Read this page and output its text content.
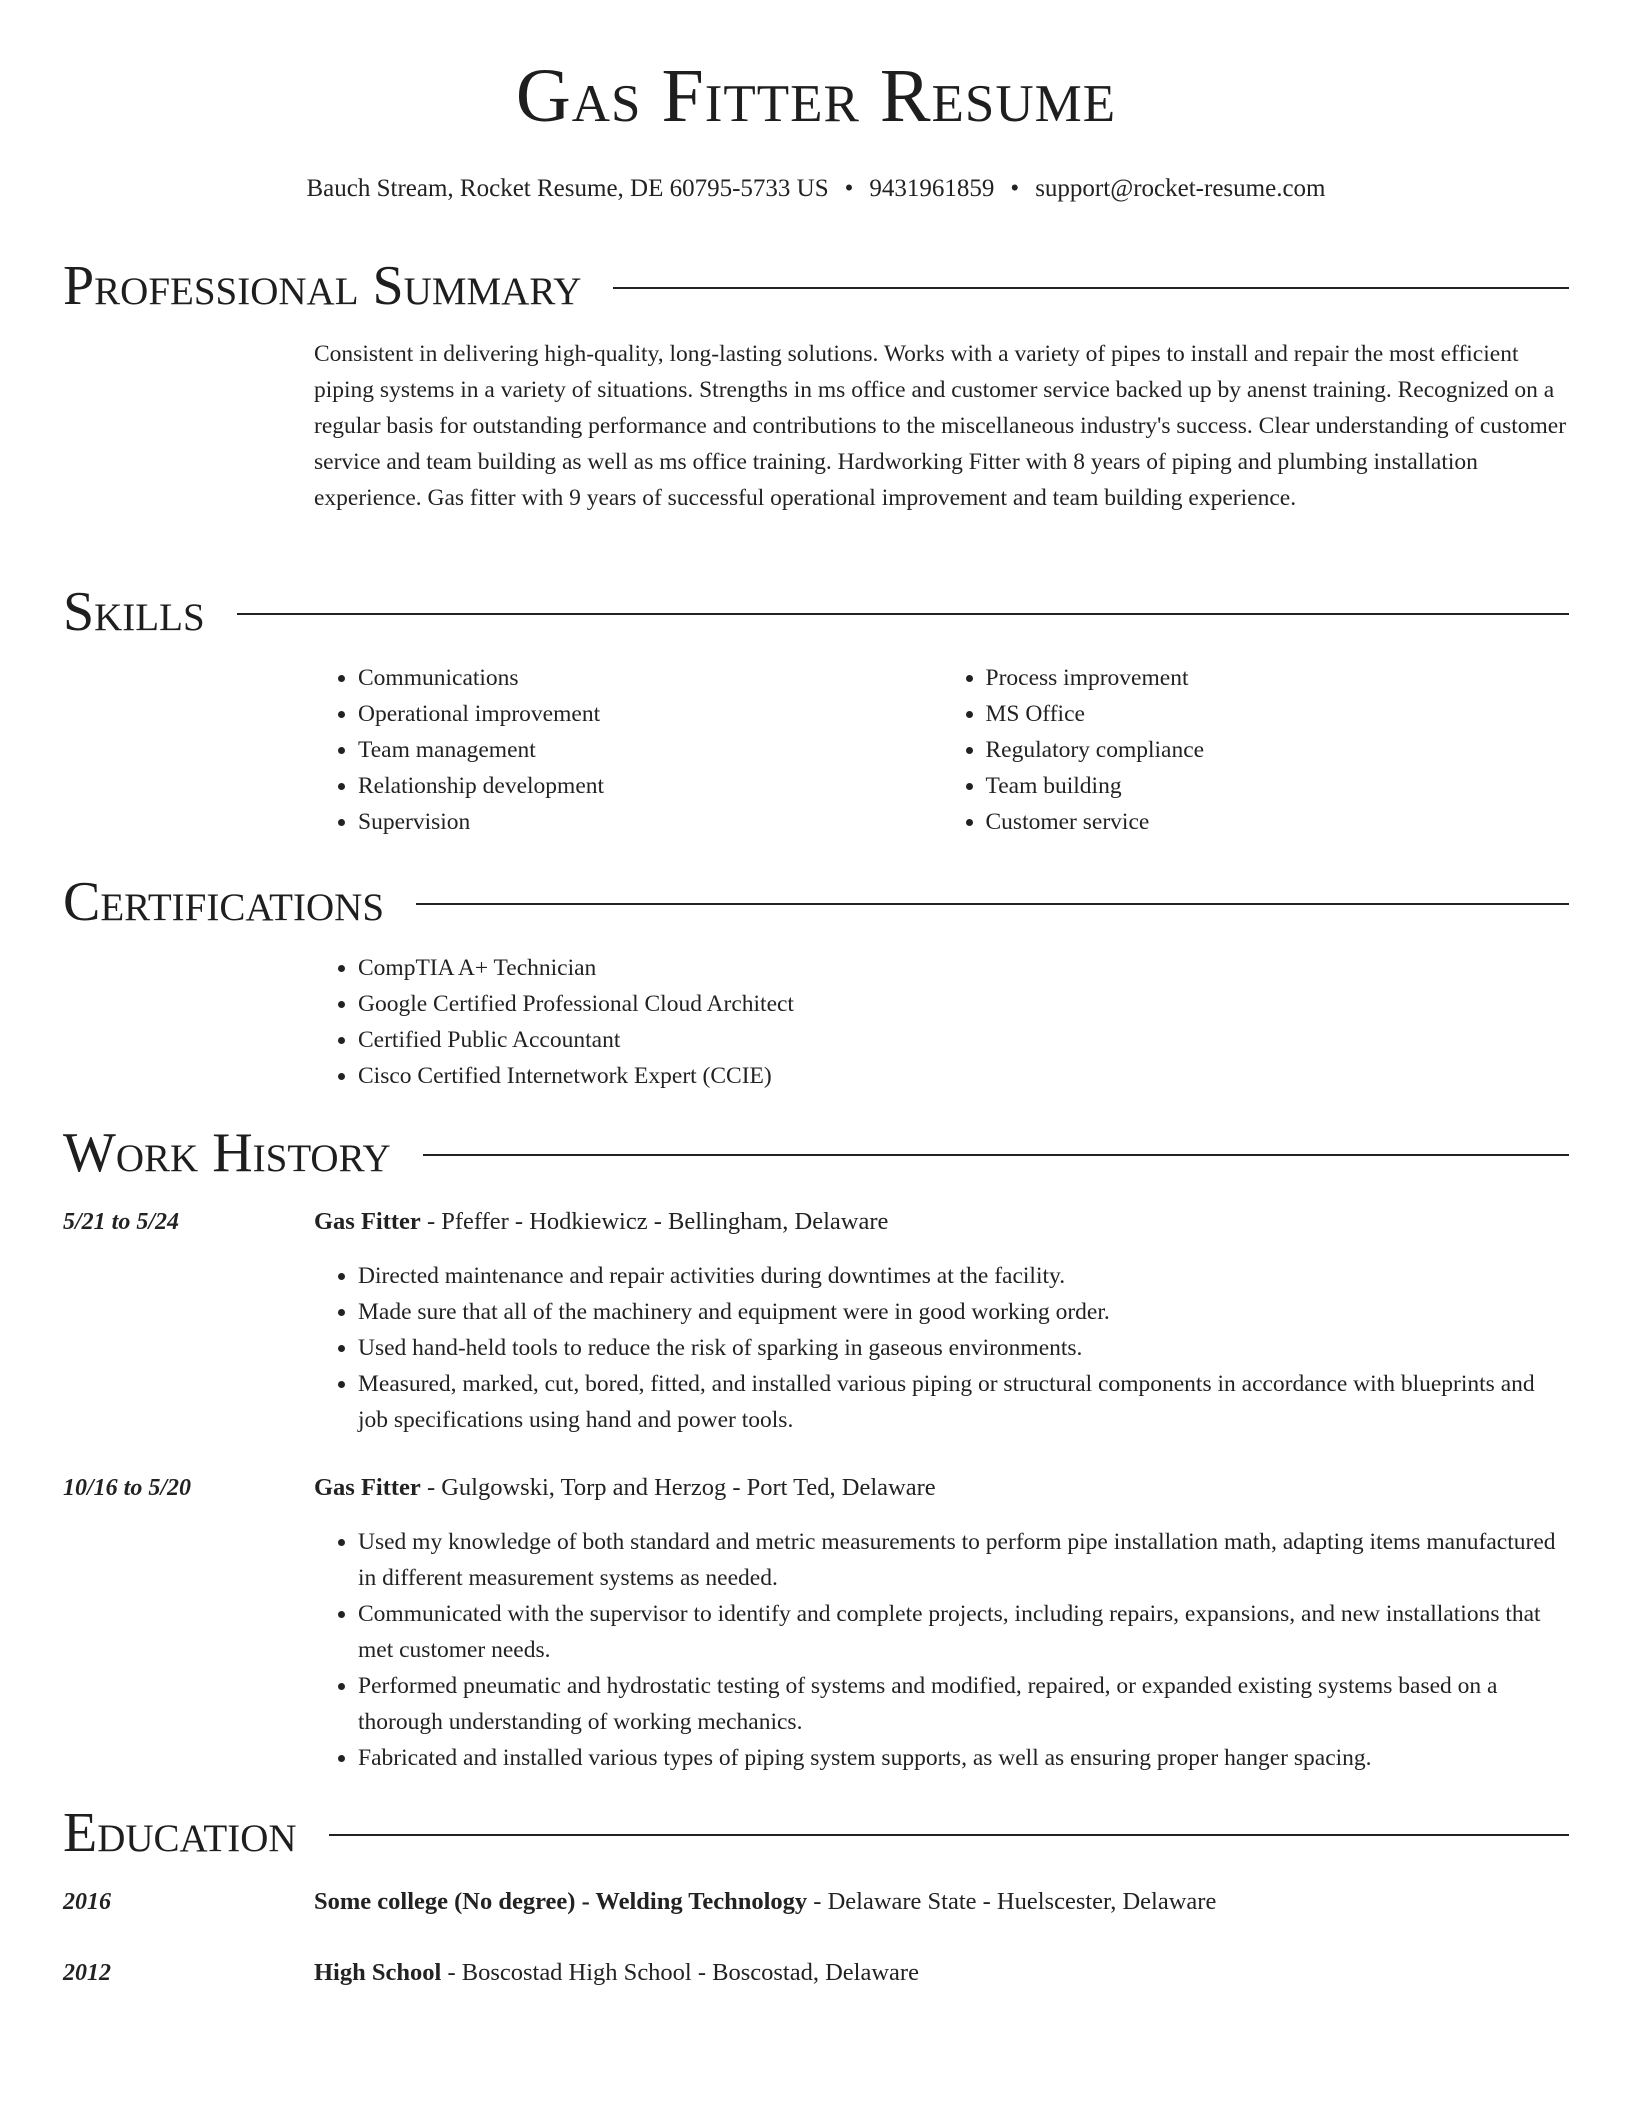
Gas Fitter Resume
Bauch Stream, Rocket Resume, DE 60795-5733 US • 9431961859 • support@rocket-resume.com
Professional Summary
Consistent in delivering high-quality, long-lasting solutions. Works with a variety of pipes to install and repair the most efficient piping systems in a variety of situations. Strengths in ms office and customer service backed up by anenst training. Recognized on a regular basis for outstanding performance and contributions to the miscellaneous industry's success. Clear understanding of customer service and team building as well as ms office training. Hardworking Fitter with 8 years of piping and plumbing installation experience. Gas fitter with 9 years of successful operational improvement and team building experience.
Skills
• Communications
• Operational improvement
• Team management
• Relationship development
• Supervision
• Process improvement
• MS Office
• Regulatory compliance
• Team building
• Customer service
Certifications
• CompTIA A+ Technician
• Google Certified Professional Cloud Architect
• Certified Public Accountant
• Cisco Certified Internetwork Expert (CCIE)
Work History
5/21 to 5/24	Gas Fitter - Pfeffer - Hodkiewicz - Bellingham, Delaware
• Directed maintenance and repair activities during downtimes at the facility.
• Made sure that all of the machinery and equipment were in good working order.
• Used hand-held tools to reduce the risk of sparking in gaseous environments.
• Measured, marked, cut, bored, fitted, and installed various piping or structural components in accordance with blueprints and job specifications using hand and power tools.
10/16 to 5/20	Gas Fitter - Gulgowski, Torp and Herzog - Port Ted, Delaware
• Used my knowledge of both standard and metric measurements to perform pipe installation math, adapting items manufactured in different measurement systems as needed.
• Communicated with the supervisor to identify and complete projects, including repairs, expansions, and new installations that met customer needs.
• Performed pneumatic and hydrostatic testing of systems and modified, repaired, or expanded existing systems based on a thorough understanding of working mechanics.
• Fabricated and installed various types of piping system supports, as well as ensuring proper hanger spacing.
Education
2016	Some college (No degree) - Welding Technology - Delaware State - Huelscester, Delaware
2012	High School - Boscostad High School - Boscostad, Delaware
